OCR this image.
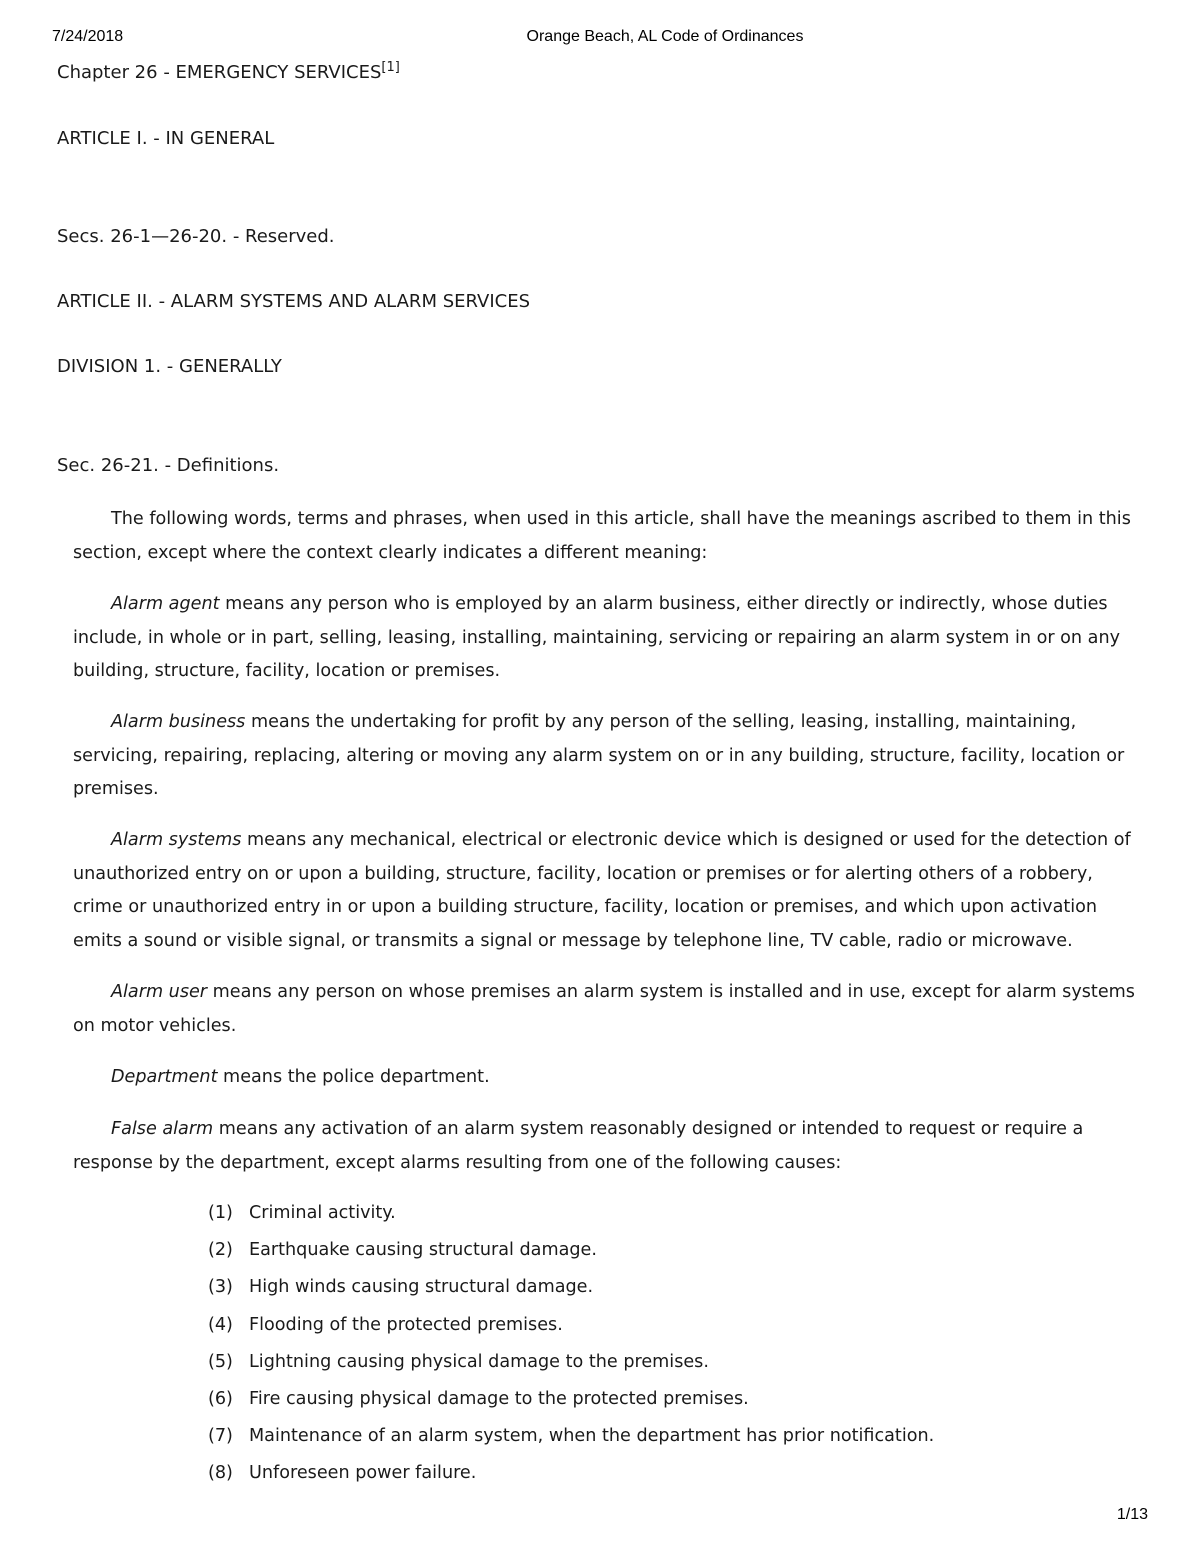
7/24/2018	Orange Beach, AL Code of Ordinances
Chapter 26 - EMERGENCY SERVICES[1]
ARTICLE I. - IN GENERAL
Secs. 26-1—26-20. - Reserved.
ARTICLE II. - ALARM SYSTEMS AND ALARM SERVICES
DIVISION 1. - GENERALLY
Sec. 26-21. - Definitions.

The following words, terms and phrases, when used in this article, shall have the meanings ascribed to them in this section, except where the context clearly indicates a different meaning:

Alarm agent means any person who is employed by an alarm business, either directly or indirectly, whose duties include, in whole or in part, selling, leasing, installing, maintaining, servicing or repairing an alarm system in or on any building, structure, facility, location or premises.

Alarm business means the undertaking for profit by any person of the selling, leasing, installing, maintaining, servicing, repairing, replacing, altering or moving any alarm system on or in any building, structure, facility, location or premises.

Alarm systems means any mechanical, electrical or electronic device which is designed or used for the detection of unauthorized entry on or upon a building, structure, facility, location or premises or for alerting others of a robbery, crime or unauthorized entry in or upon a building structure, facility, location or premises, and which upon activation emits a sound or visible signal, or transmits a signal or message by telephone line, TV cable, radio or microwave.

Alarm user means any person on whose premises an alarm system is installed and in use, except for alarm systems on motor vehicles.

Department means the police department.

False alarm means any activation of an alarm system reasonably designed or intended to request or require a response by the department, except alarms resulting from one of the following causes:

(1) Criminal activity.
(2) Earthquake causing structural damage.
(3) High winds causing structural damage.
(4) Flooding of the protected premises.
(5) Lightning causing physical damage to the premises.
(6) Fire causing physical damage to the protected premises.
(7) Maintenance of an alarm system, when the department has prior notification.
(8) Unforeseen power failure.
1/13
